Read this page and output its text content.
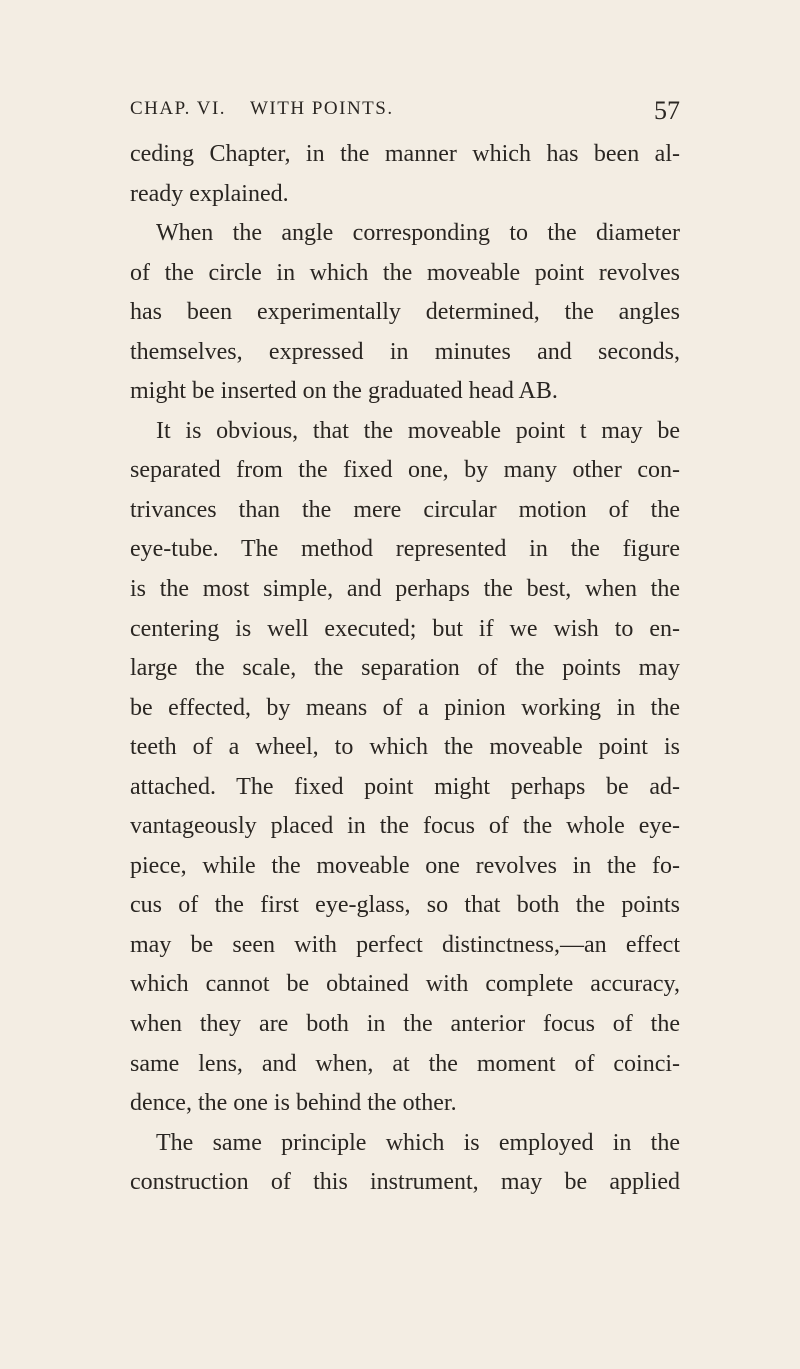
CHAP. VI. WITH POINTS.	57
ceding Chapter, in the manner which has been al-
ready explained.
When the angle corresponding to the diameter
of the circle in which the moveable point revolves
has been experimentally determined, the angles
themselves, expressed in minutes and seconds,
might be inserted on the graduated head AB.
It is obvious, that the moveable point t may be
separated from the fixed one, by many other con-
trivances than the mere circular motion of the
eye-tube. The method represented in the figure
is the most simple, and perhaps the best, when the
centering is well executed; but if we wish to en-
large the scale, the separation of the points may
be effected, by means of a pinion working in the
teeth of a wheel, to which the moveable point is
attached. The fixed point might perhaps be ad-
vantageously placed in the focus of the whole eye-
piece, while the moveable one revolves in the fo-
cus of the first eye-glass, so that both the points
may be seen with perfect distinctness,—an effect
which cannot be obtained with complete accuracy,
when they are both in the anterior focus of the
same lens, and when, at the moment of coinci-
dence, the one is behind the other.
The same principle which is employed in the
construction of this instrument, may be applied
